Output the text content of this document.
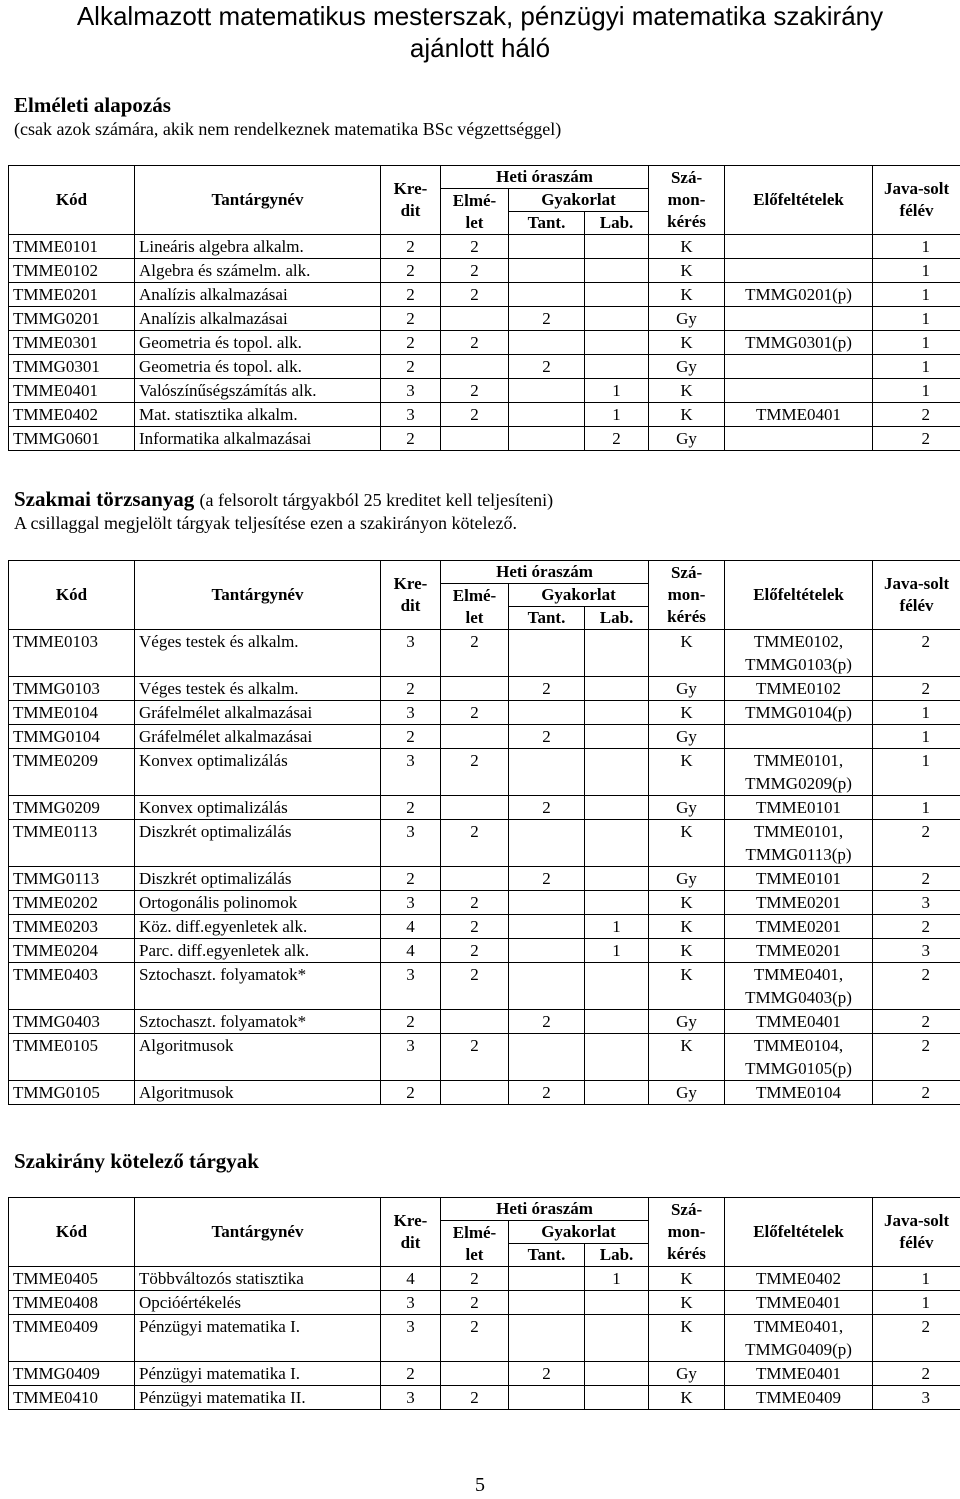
Alkalmazott matematikus mesterszak, pénzügyi matematika szakirány
ajánlott háló
Elméleti alapozás
(csak azok számára, akik nem rendelkeznek matematika BSc végzettséggel)
Kód	Tantárgynév	Kre-dit	Heti óraszám			Szá-mon-kérés	Előfeltételek	Java-solt félév
			Elmé-let	Gyakorlat				
				Tant.	Lab.			
TMME0101	Lineáris algebra alkalm.	2	2			K		1
TMME0102	Algebra és számelm. alk.	2	2			K		1
TMME0201	Analízis alkalmazásai	2	2			K	TMMG0201(p)	1
TMMG0201	Analízis alkalmazásai	2		2		Gy		1
TMME0301	Geometria és topol. alk.	2	2			K	TMMG0301(p)	1
TMMG0301	Geometria és topol. alk.	2		2		Gy		1
TMME0401	Valószínűségszámítás alk.	3	2		1	K		1
TMME0402	Mat. statisztika alkalm.	3	2		1	K	TMME0401	2
TMMG0601	Informatika alkalmazásai	2			2	Gy		2
Szakmai törzsanyag (a felsorolt tárgyakból 25 kreditet kell teljesíteni)
A csillaggal megjelölt tárgyak teljesítése ezen a szakirányon kötelező.
Kód	Tantárgynév	Kre-dit	Heti óraszám			Szá-mon-kérés	Előfeltételek	Java-solt félév
			Elmé-let	Gyakorlat				
				Tant.	Lab.			
TMME0103	Véges testek és alkalm.	3	2			K	TMME0102, TMMG0103(p)	2
TMMG0103	Véges testek és alkalm.	2		2		Gy	TMME0102	2
TMME0104	Gráfelmélet alkalmazásai	3	2			K	TMMG0104(p)	1
TMMG0104	Gráfelmélet alkalmazásai	2		2		Gy		1
TMME0209	Konvex optimalizálás	3	2			K	TMME0101, TMMG0209(p)	1
TMMG0209	Konvex optimalizálás	2		2		Gy	TMME0101	1
TMME0113	Diszkrét optimalizálás	3	2			K	TMME0101, TMMG0113(p)	2
TMMG0113	Diszkrét optimalizálás	2		2		Gy	TMME0101	2
TMME0202	Ortogonális polinomok	3	2			K	TMME0201	3
TMME0203	Köz. diff.egyenletek alk.	4	2		1	K	TMME0201	2
TMME0204	Parc. diff.egyenletek alk.	4	2		1	K	TMME0201	3
TMME0403	Sztochaszt. folyamatok*	3	2			K	TMME0401, TMMG0403(p)	2
TMMG0403	Sztochaszt. folyamatok*	2		2		Gy	TMME0401	2
TMME0105	Algoritmusok	3	2			K	TMME0104, TMMG0105(p)	2
TMMG0105	Algoritmusok	2		2		Gy	TMME0104	2
Szakirány kötelező tárgyak
Kód	Tantárgynév	Kre-dit	Heti óraszám			Szá-mon-kérés	Előfeltételek	Java-solt félév
			Elmé-let	Gyakorlat				
				Tant.	Lab.			
TMME0405	Többváltozós statisztika	4	2		1	K	TMME0402	1
TMME0408	Opcióértékelés	3	2			K	TMME0401	1
TMME0409	Pénzügyi matematika I.	3	2			K	TMME0401, TMMG0409(p)	2
TMMG0409	Pénzügyi matematika I.	2		2		Gy	TMME0401	2
TMME0410	Pénzügyi matematika II.	3	2			K	TMME0409	3
5
